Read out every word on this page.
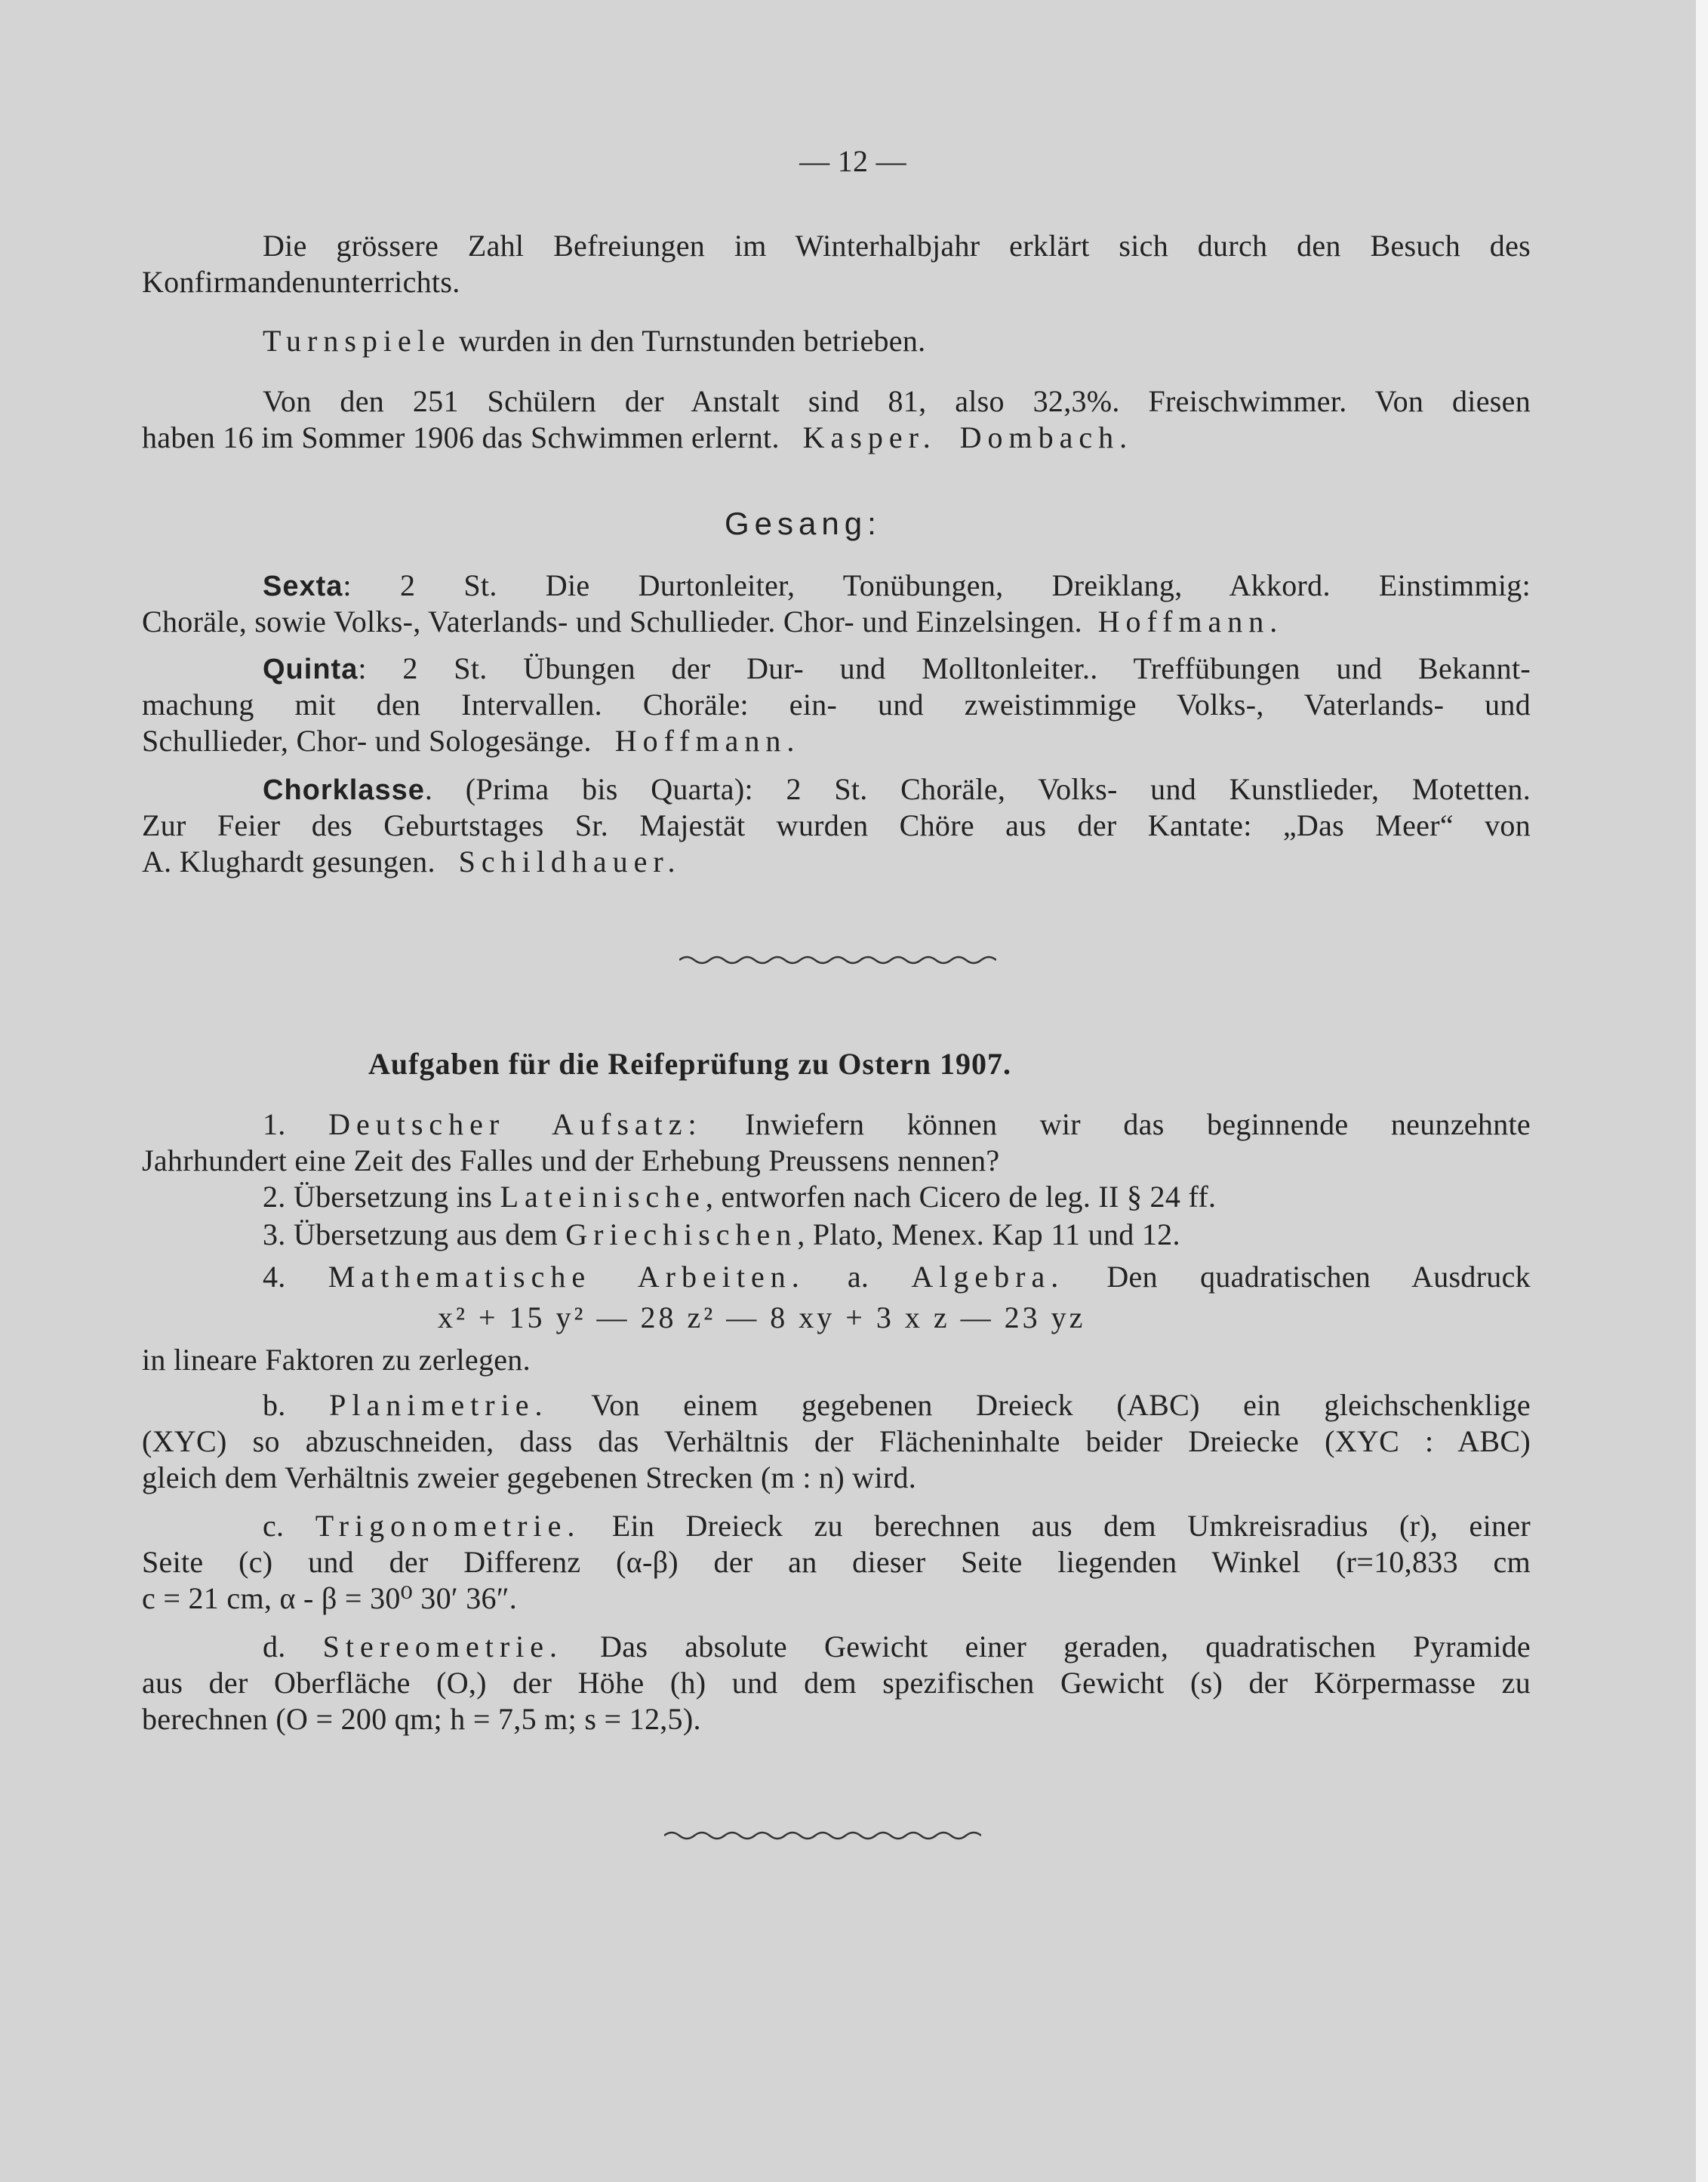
— 12 —
Die grössere Zahl Befreiungen im Winterhalbjahr erklärt sich durch den Besuch des
Konfirmandenunterrichts.
Turnspiele wurden in den Turnstunden betrieben.
Von den 251 Schülern der Anstalt sind 81, also 32,3%. Freischwimmer. Von diesen
haben 16 im Sommer 1906 das Schwimmen erlernt. Kasper. Dombach.
Gesang:
Sexta: 2 St. Die Durtonleiter, Tonübungen, Dreiklang, Akkord. Einstimmig:
Choräle, sowie Volks-, Vaterlands- und Schullieder. Chor- und Einzelsingen. Hoffmann.
Quinta: 2 St. Übungen der Dur- und Molltonleiter.. Treffübungen und Bekannt-
machung mit den Intervallen. Choräle: ein- und zweistimmige Volks-, Vaterlands- und
Schullieder, Chor- und Sologesänge. Hoffmann.
Chorklasse. (Prima bis Quarta): 2 St. Choräle, Volks- und Kunstlieder, Motetten.
Zur Feier des Geburtstages Sr. Majestät wurden Chöre aus der Kantate: „Das Meer“ von
A. Klughardt gesungen. Schildhauer.
Aufgaben für die Reifeprüfung zu Ostern 1907.
1. Deutscher Aufsatz: Inwiefern können wir das beginnende neunzehnte
Jahrhundert eine Zeit des Falles und der Erhebung Preussens nennen?
2. Übersetzung ins Lateinische, entworfen nach Cicero de leg. II § 24 ff.
3. Übersetzung aus dem Griechischen, Plato, Menex. Kap 11 und 12.
4. Mathematische Arbeiten. a. Algebra. Den quadratischen Ausdruck
x² + 15 y² — 28 z² — 8 xy + 3 x z — 23 yz
in lineare Faktoren zu zerlegen.
b. Planimetrie. Von einem gegebenen Dreieck (ABC) ein gleichschenklige
(XYC) so abzuschneiden, dass das Verhältnis der Flächeninhalte beider Dreiecke (XYC : ABC)
gleich dem Verhältnis zweier gegebenen Strecken (m : n) wird.
c. Trigonometrie. Ein Dreieck zu berechnen aus dem Umkreisradius (r), einer
Seite (c) und der Differenz (α-β) der an dieser Seite liegenden Winkel (r=10,833 cm
c = 21 cm, α - β = 30⁰ 30′ 36″.
d. Stereometrie. Das absolute Gewicht einer geraden, quadratischen Pyramide
aus der Oberfläche (O,) der Höhe (h) und dem spezifischen Gewicht (s) der Körpermasse zu
berechnen (O = 200 qm; h = 7,5 m; s = 12,5).
